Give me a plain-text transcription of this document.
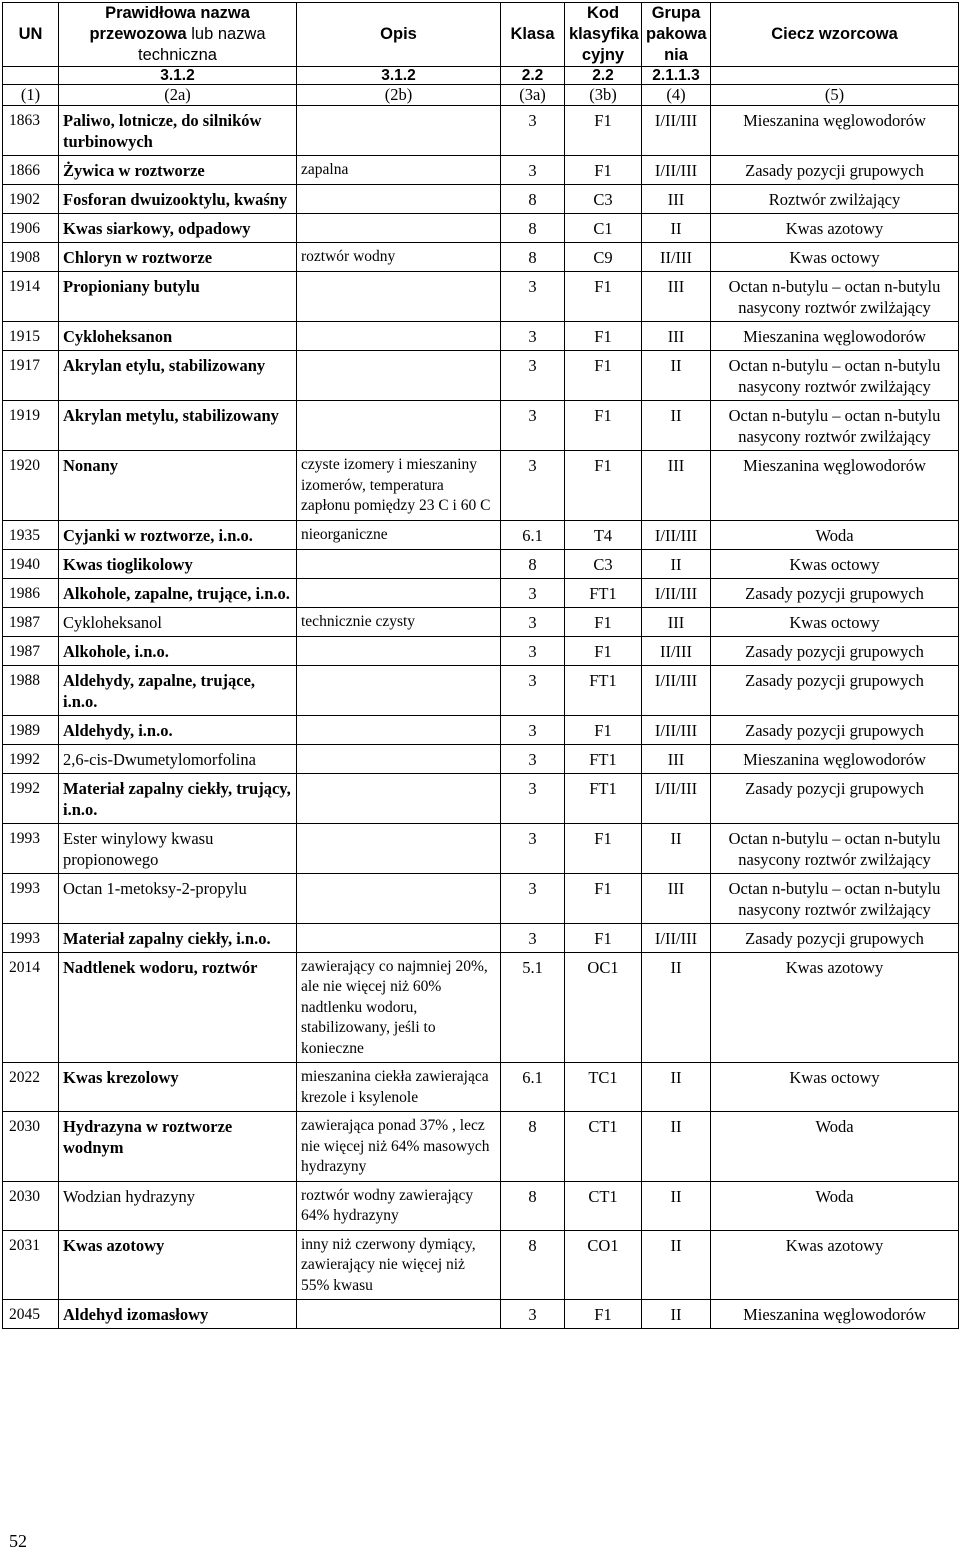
UN	Prawidłowa nazwa przewozowa lub nazwa techniczna	Opis	Klasa	Kod klasyfika cyjny	Grupa pakowa nia	Ciecz wzorcowa
	3.1.2	3.1.2	2.2	2.2	2.1.1.3	
(1)	(2a)	(2b)	(3a)	(3b)	(4)	(5)
1863	Paliwo, lotnicze, do silników turbinowych		3	F1	I/II/III	Mieszanina węglowodorów
1866	Żywica w roztworze	zapalna	3	F1	I/II/III	Zasady pozycji grupowych
1902	Fosforan dwuizooktylu, kwaśny		8	C3	III	Roztwór zwilżający
1906	Kwas siarkowy, odpadowy		8	C1	II	Kwas azotowy
1908	Chloryn w roztworze	roztwór wodny	8	C9	II/III	Kwas octowy
1914	Propioniany butylu		3	F1	III	Octan n-butylu – octan n-butylu nasycony roztwór zwilżający
1915	Cykloheksanon		3	F1	III	Mieszanina węglowodorów
1917	Akrylan etylu, stabilizowany		3	F1	II	Octan n-butylu – octan n-butylu nasycony roztwór zwilżający
1919	Akrylan metylu, stabilizowany		3	F1	II	Octan n-butylu – octan n-butylu nasycony roztwór zwilżający
1920	Nonany	czyste izomery i mieszaniny izomerów, temperatura zapłonu pomiędzy 23 C i 60 C	3	F1	III	Mieszanina węglowodorów
1935	Cyjanki w roztworze, i.n.o.	nieorganiczne	6.1	T4	I/II/III	Woda
1940	Kwas tioglikolowy		8	C3	II	Kwas octowy
1986	Alkohole, zapalne, trujące, i.n.o.		3	FT1	I/II/III	Zasady pozycji grupowych
1987	Cykloheksanol	technicznie czysty	3	F1	III	Kwas octowy
1987	Alkohole, i.n.o.		3	F1	II/III	Zasady pozycji grupowych
1988	Aldehydy, zapalne, trujące, i.n.o.		3	FT1	I/II/III	Zasady pozycji grupowych
1989	Aldehydy, i.n.o.		3	F1	I/II/III	Zasady pozycji grupowych
1992	2,6-cis-Dwumetylomorfolina		3	FT1	III	Mieszanina węglowodorów
1992	Materiał zapalny ciekły, trujący, i.n.o.		3	FT1	I/II/III	Zasady pozycji grupowych
1993	Ester winylowy kwasu propionowego		3	F1	II	Octan n-butylu – octan n-butylu nasycony roztwór zwilżający
1993	Octan 1-metoksy-2-propylu		3	F1	III	Octan n-butylu – octan n-butylu nasycony roztwór zwilżający
1993	Materiał zapalny ciekły, i.n.o.		3	F1	I/II/III	Zasady pozycji grupowych
2014	Nadtlenek wodoru, roztwór	zawierający co najmniej 20%, ale nie więcej niż 60% nadtlenku wodoru, stabilizowany, jeśli to konieczne	5.1	OC1	II	Kwas azotowy
2022	Kwas krezolowy	mieszanina ciekła zawierająca krezole i ksylenole	6.1	TC1	II	Kwas octowy
2030	Hydrazyna w roztworze wodnym	zawierająca ponad 37% , lecz nie więcej niż 64% masowych hydrazyny	8	CT1	II	Woda
2030	Wodzian hydrazyny	roztwór wodny zawierający 64% hydrazyny	8	CT1	II	Woda
2031	Kwas azotowy	inny niż czerwony dymiący, zawierający nie więcej niż 55% kwasu	8	CO1	II	Kwas azotowy
2045	Aldehyd izomasłowy		3	F1	II	Mieszanina węglowodorów
52
